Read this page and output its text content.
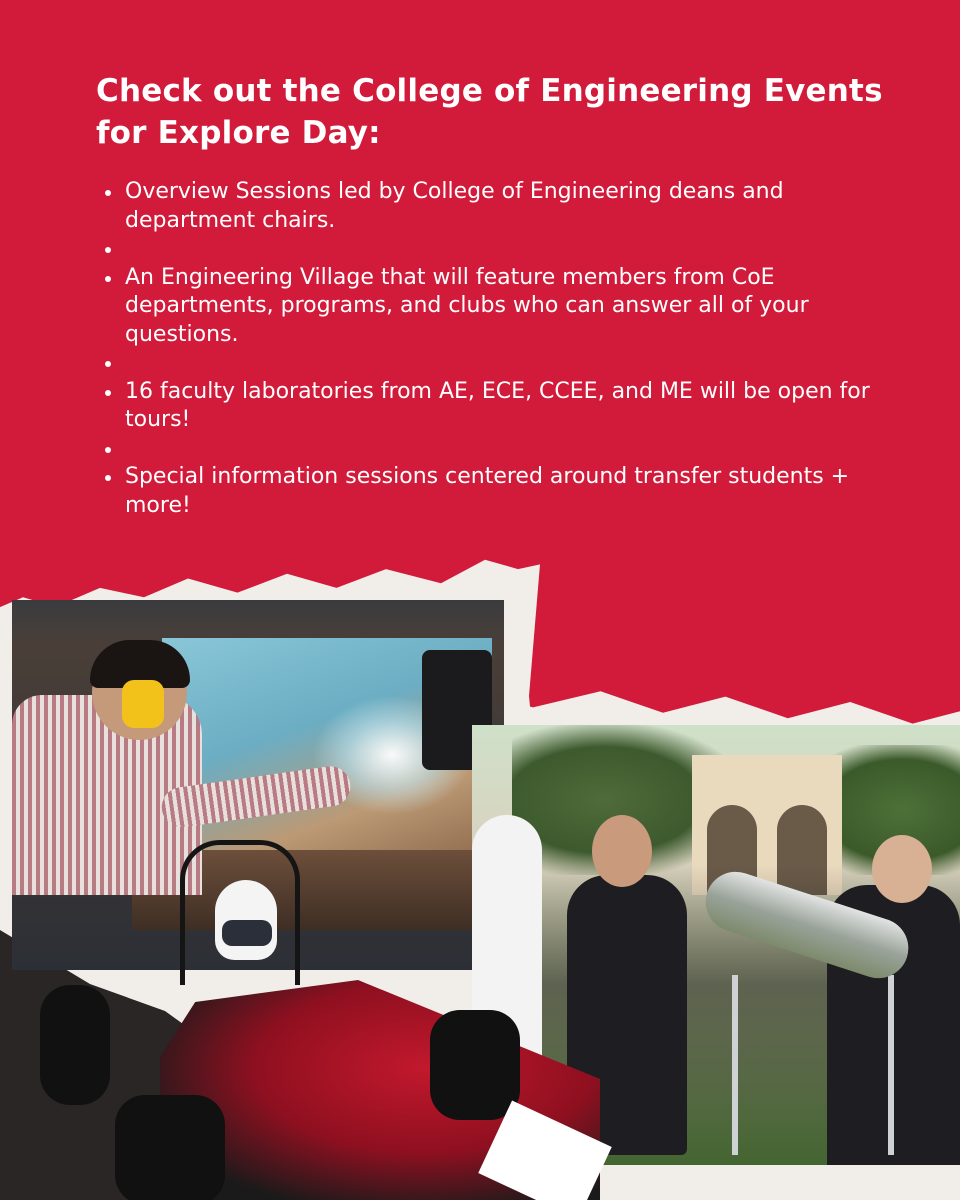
Check out the College of Engineering Events for Explore Day:
Overview Sessions led by College of Engineering deans and department chairs.
An Engineering Village that will feature members from CoE departments, programs, and clubs who can answer all of your questions.
16 faculty laboratories from AE, ECE, CCEE, and ME will be open for tours!
Special information sessions centered around transfer students + more!
